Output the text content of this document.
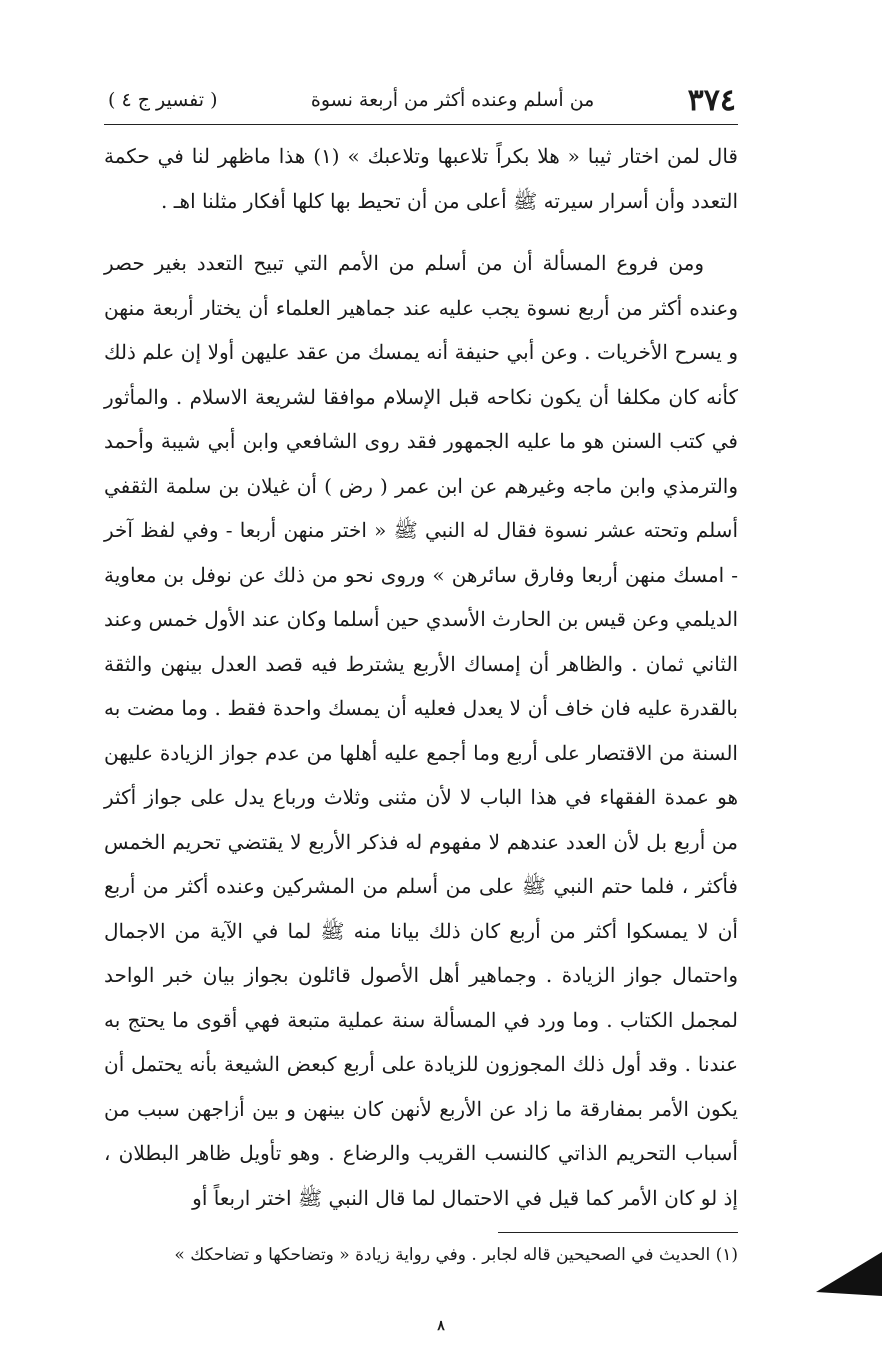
٣٧٤
من أسلم وعنده أكثر من أربعة نسوة
( تفسير ج ٤ )

قال لمن اختار ثيبا « هلا بكراً تلاعبها وتلاعبك » (١) هذا ماظهر لنا في حكمة التعدد وأن أسرار سيرته ﷺ أعلى من أن تحيط بها كلها أفكار مثلنا اهـ .

ومن فروع المسألة أن من أسلم من الأمم التي تبيح التعدد بغير حصر وعنده أكثر من أربع نسوة يجب عليه عند جماهير العلماء أن يختار أربعة منهن و يسرح الأخريات . وعن أبي حنيفة أنه يمسك من عقد عليهن أولا إن علم ذلك كأنه كان مكلفا أن يكون نكاحه قبل الإسلام موافقا لشريعة الاسلام . والمأثور في كتب السنن هو ما عليه الجمهور فقد روى الشافعي وابن أبي شيبة وأحمد والترمذي وابن ماجه وغيرهم عن ابن عمر ( رض ) أن غيلان بن سلمة الثقفي أسلم وتحته عشر نسوة فقال له النبي ﷺ « اختر منهن أربعا - وفي لفظ آخر - امسك منهن أربعا وفارق سائرهن » وروى نحو من ذلك عن نوفل بن معاوية الديلمي وعن قيس بن الحارث الأسدي حين أسلما وكان عند الأول خمس وعند الثاني ثمان . والظاهر أن إمساك الأربع يشترط فيه قصد العدل بينهن والثقة بالقدرة عليه فان خاف أن لا يعدل فعليه أن يمسك واحدة فقط . وما مضت به السنة من الاقتصار على أربع وما أجمع عليه أهلها من عدم جواز الزيادة عليهن هو عمدة الفقهاء في هذا الباب لا لأن مثنى وثلاث ورباع يدل على جواز أكثر من أربع بل لأن العدد عندهم لا مفهوم له فذكر الأربع لا يقتضي تحريم الخمس فأكثر ، فلما حتم النبي ﷺ على من أسلم من المشركين وعنده أكثر من أربع أن لا يمسكوا أكثر من أربع كان ذلك بيانا منه ﷺ لما في الآية من الاجمال واحتمال جواز الزيادة . وجماهير أهل الأصول قائلون بجواز بيان خبر الواحد لمجمل الكتاب . وما ورد في المسألة سنة عملية متبعة فهي أقوى ما يحتج به عندنا . وقد أول ذلك المجوزون للزيادة على أربع كبعض الشيعة بأنه يحتمل أن يكون الأمر بمفارقة ما زاد عن الأربع لأنهن كان بينهن و بين أزاجهن سبب من أسباب التحريم الذاتي كالنسب القريب والرضاع . وهو تأويل ظاهر البطلان ، إذ لو كان الأمر كما قيل في الاحتمال لما قال النبي ﷺ اختر اربعاً أو

(١) الحديث في الصحيحين قاله لجابر . وفي رواية زيادة « وتضاحكها و تضاحكك »
٨
